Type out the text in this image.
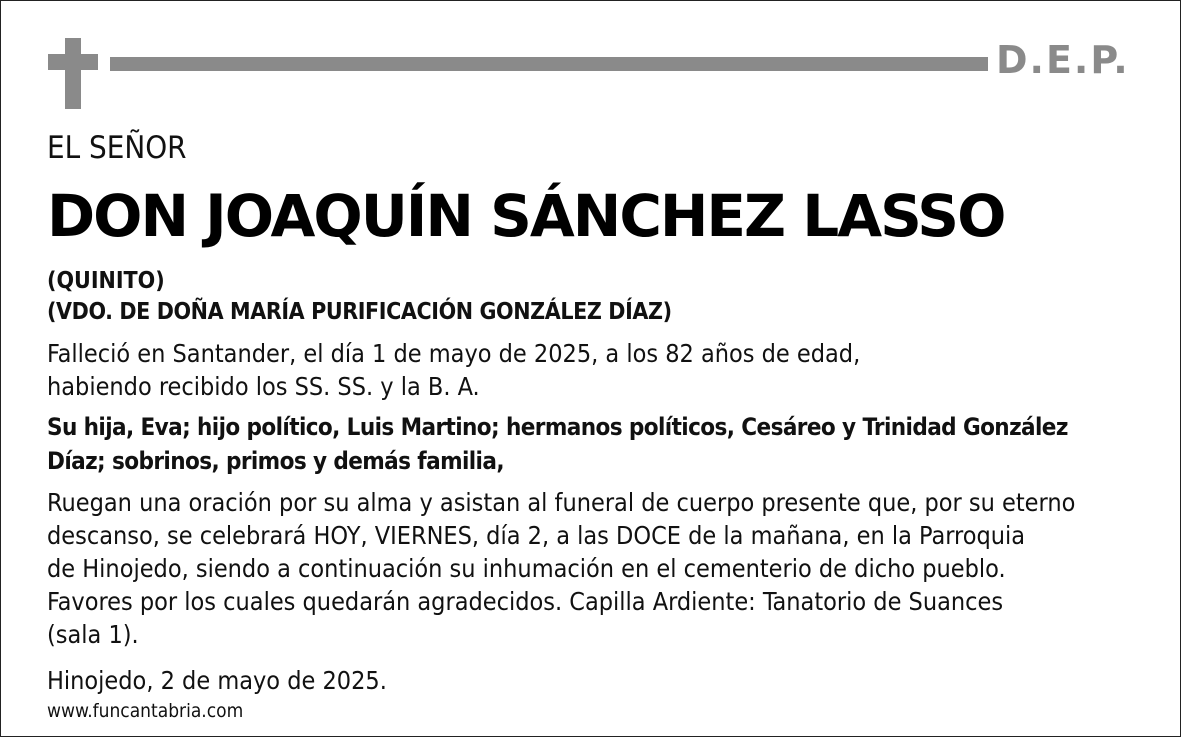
D.E.P.
EL SEÑOR
DON JOAQUÍN SÁNCHEZ LASSO
(QUINITO)
(VDO. DE DOÑA MARÍA PURIFICACIÓN GONZÁLEZ DÍAZ)
Falleció en Santander, el día 1 de mayo de 2025, a los 82 años de edad,
habiendo recibido los SS. SS. y la B. A.
Su hija, Eva; hijo político, Luis Martino; hermanos políticos, Cesáreo y Trinidad González
Díaz; sobrinos, primos y demás familia,
Ruegan una oración por su alma y asistan al funeral de cuerpo presente que, por su eterno
descanso, se celebrará HOY, VIERNES, día 2, a las DOCE de la mañana, en la Parroquia
de Hinojedo, siendo a continuación su inhumación en el cementerio de dicho pueblo.
Favores por los cuales quedarán agradecidos. Capilla Ardiente: Tanatorio de Suances
(sala 1).
Hinojedo, 2 de mayo de 2025.
www.funcantabria.com
